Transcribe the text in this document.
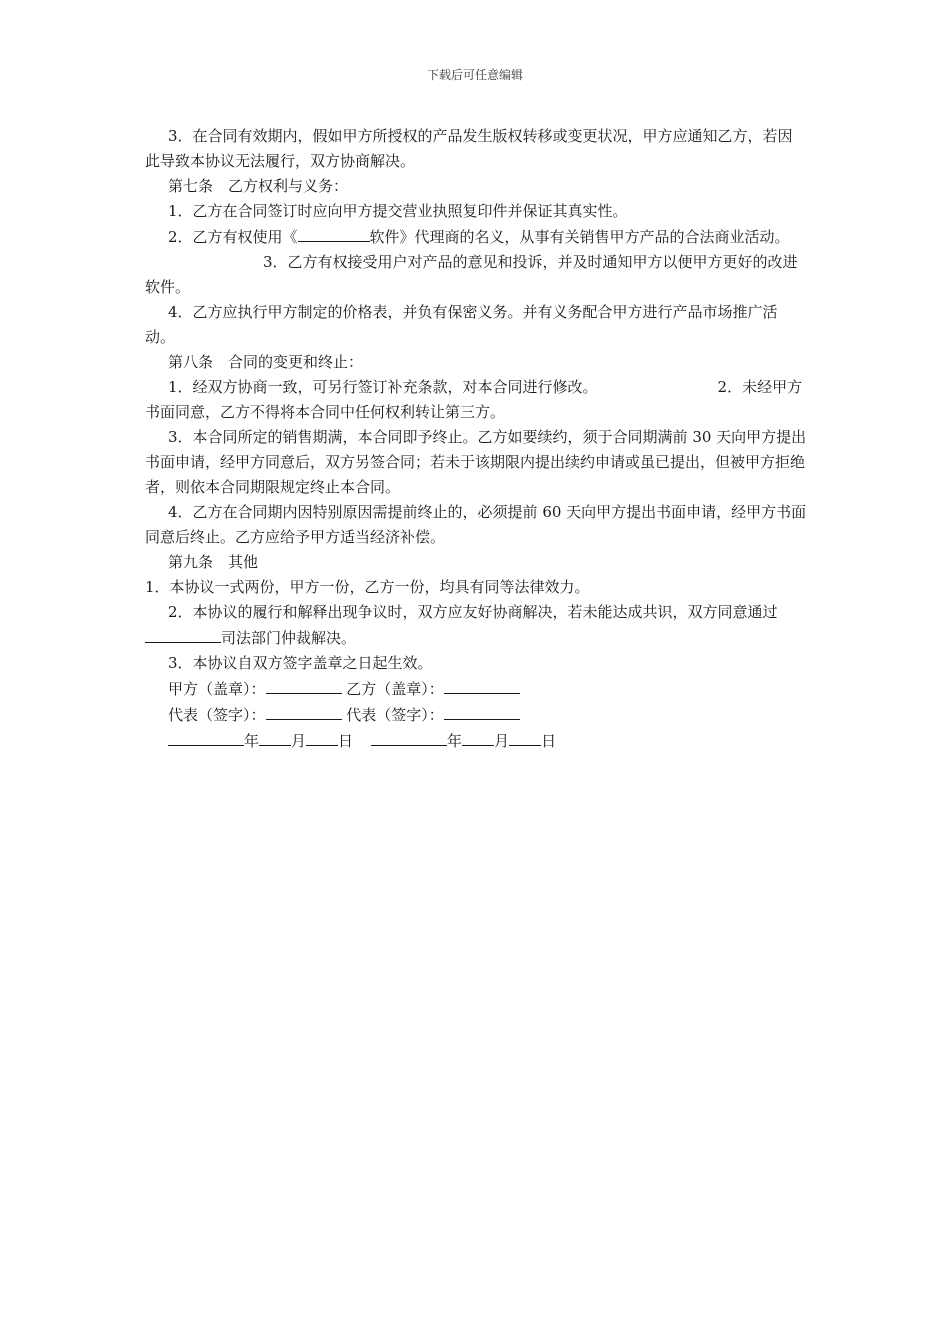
下载后可任意编辑

3．在合同有效期内，假如甲方所授权的产品发生版权转移或变更状况，甲方应通知乙方，若因此导致本协议无法履行，双方协商解决。

第七条　乙方权利与义务：

1．乙方在合同签订时应向甲方提交营业执照复印件并保证其真实性。

2．乙方有权使用《	软件》代理商的名义，从事有关销售甲方产品的合法商业活动。3．乙方有权接受用户对产品的意见和投诉，并及时通知甲方以便甲方更好的改进软件。

4．乙方应执行甲方制定的价格表，并负有保密义务。并有义务配合甲方进行产品市场推广活动。

第八条　合同的变更和终止：

1．经双方协商一致，可另行签订补充条款，对本合同进行修改。	2．未经甲方书面同意，乙方不得将本合同中任何权利转让第三方。

3．本合同所定的销售期满，本合同即予终止。乙方如要续约，须于合同期满前 30 天向甲方提出书面申请，经甲方同意后，双方另签合同；若未于该期限内提出续约申请或虽已提出，但被甲方拒绝者，则依本合同期限规定终止本合同。

4．乙方在合同期内因特别原因需提前终止的，必须提前 60 天向甲方提出书面申请，经甲方书面同意后终止。乙方应给予甲方适当经济补偿。

第九条　其他

1．本协议一式两份，甲方一份，乙方一份，均具有同等法律效力。

2．本协议的履行和解释出现争议时，双方应友好协商解决，若未能达成共识，双方同意通过司法部门仲裁解决。

3．本协议自双方签字盖章之日起生效。

甲方（盖章）：	乙方（盖章）：

代表（签字）：	代表（签字）：

年 月 日	年 月 日
